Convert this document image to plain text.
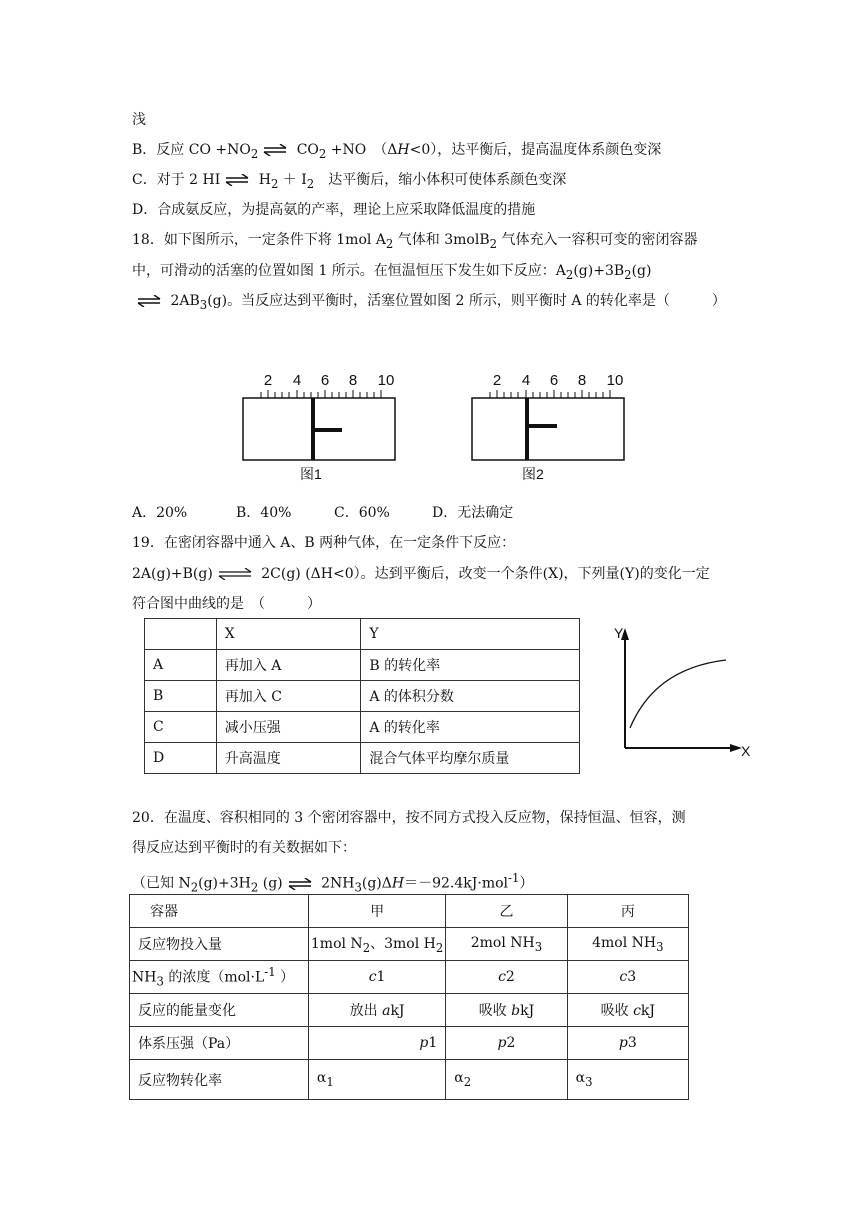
浅
B．反应 CO $+NO_2$ $CO_2 +NO$　（ΔH<0），达平衡后，提高温度体系颜色变深
C．对于 2 HI $H_2 + I_2$　达平衡后，缩小体积可使体系颜色变深
D．合成氨反应，为提高氨的产率，理论上应采取降低温度的措施
18．如下图所示，一定条件下将 1mol $A_2$ 气体和 3molB$_2$ 气体充入一容积可变的密闭容器
中，可滑动的活塞的位置如图 1 所示。在恒温恒压下发生如下反应：$A_2(g)+3B_2(g)$
$2AB_3(g)$。当反应达到平衡时，活塞位置如图 2 所示，则平衡时 A 的转化率是（　　　）
2 4 6 8 10
图1
2 4 6 8 10
图2
A．20%	B．40%	C．60%	D．无法确定
19．在密闭容器中通入 A、B 两种气体，在一定条件下反应：
2A(g)+B(g) ⇌ 2C(g) (ΔH<0）。达到平衡后，改变一个条件(X)，下列量(Y)的变化一定
符合图中曲线的是　（　　　）
	X	Y
A	再加入 A	B 的转化率
B	再加入 C	A 的体积分数
C	减小压强	A 的转化率
D	升高温度	混合气体平均摩尔质量
Y
X
20．在温度、容积相同的 3 个密闭容器中，按不同方式投入反应物，保持恒温、恒容，测
得反应达到平衡时的有关数据如下：
（已知 $N_2(g)+3H_2$ (g) $2NH_3(g)\Delta H=-92.4kJ\cdot mol^{-1}$）
容器	甲	乙	丙
反应物投入量	1mol $N_2$、3mol $H_2$	2mol $NH_3$	4mol $NH_3$
$NH_3$ 的浓度（$mol\cdot L^{-1}$ ）	c1	c2	c3
反应的能量变化	放出 akJ	吸收 bkJ	吸收 ckJ
体系压强（Pa）	p1	p2	p3
反应物转化率	$\alpha_1$	$\alpha_2$	$\alpha_3$
